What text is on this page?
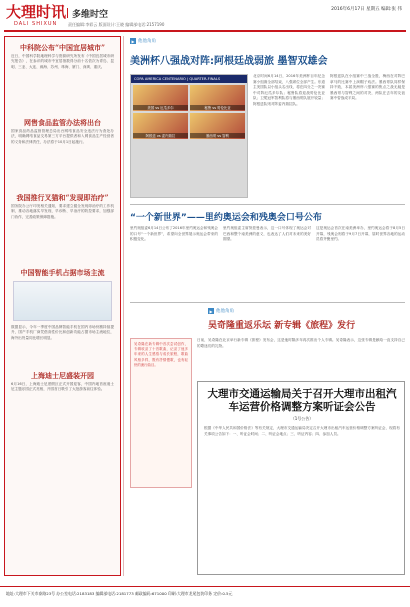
大理时讯
DALI SHIXUN
多维时空
责任编辑:李彩云 版面设计:王晓 编辑部电话:2157190
2016年6月17日 星期五 编辑:张 伟
中科院公布“中国宜居城市”
近日，中国科学院地理科学与资源研究所发布《中国宜居城市研究报告》，在参评的城市中宜居指数得分前十名依次为青岛、昆明、三亚、大连、威海、苏州、珠海、厦门、深圳、重庆。
网售食品监管办法将出台
国家食品药品监督管理总局出台网络食品安全违法行为查处办法，明确网络食品交易第三方平台提供者和入网食品生产经营者的义务和法律责任，办法将于10月1日起施行。
我国推行叉猫和“发现即治疗”
国务院办公厅印发相关通知，要求建立健全发现即治疗的工作机制，推动各地落实早发现、早诊断、早治疗的防控要求，加强部门协作，完善政策保障措施。
中国智能手机占据市场主流
数据显示，今年一季度中国品牌智能手机在国内市场份额持续提升，国产手机厂商凭借高性价比和创新功能占据市场主流地位，海外出货量同比增长明显。
上海迪士尼盛装开园
6月16日，上海迪士尼度假区正式开园迎客，中国内地首座迪士尼主题乐园正式亮相，开园首日吸引了大批游客前往体验。
▶ 他他角角
美洲杯八强战对阵:阿根廷战弱旅 墨智双雄会
COPA AMERICA CENTENARIO | QUARTER-FINALS
美国 vs 厄瓜多尔	秘鲁 vs 哥伦比亚
阿根廷 vs 委内瑞拉	墨西哥 vs 智利
北京时间6月14日，2016年美洲杯百年纪念赛小组赛全部结束，八强席位全部产生。东道主美国队以小组头名出线，将在四分之一决赛中对阵厄瓜多尔队；秘鲁队将迎战哥伦比亚队；卫冕冠军智利队将与墨西哥队展开较量；阿根廷队则对阵委内瑞拉队。
阿根廷队在小组赛中三战全胜，梅西在对阵巴拿马的比赛中上演帽子戏法。墨西哥队同样保持不败，本届美洲杯八强赛的焦点之战无疑是墨西哥与智利之间的对决，两队在去年的友谊赛中曾战成平局。
“一个新世界”——里约奥运会和残奥会口号公布
里约奥组委6月14日公布了2016年里约奥运会和残奥会的口号“一个新世界”，希望向全世界展示奥运会带来的积极变化。
里约奥组委主席努兹曼表示，这一口号体现了奥运会对巴西和整个南美洲的意义，也表达了人们对未来的美好期望。
这是奥运会首次在南美洲举办，里约奥运会将于8月5日开幕，残奥会则将于9月7日开幕，届时世界各地的运动员将齐聚里约。
▶ 他他角角
吴奇隆重返乐坛 新专辑《旅程》发行
吴奇隆在新专辑中首次尝试创作，专辑收录了十首歌曲，记录了他多年来的人生感悟与成长旅程，歌曲风格多样，既有抒情慢歌，也有轻快的流行曲目。
日前，吴奇隆在北京举行新专辑《旅程》发布会，这是他时隔多年再次推出个人专辑。吴奇隆表示，这张专辑是献给一直支持自己的歌迷们的礼物。
大理市交通运输局关于召开大理市出租汽车运营价格调整方案听证会公告
（1号公告）
根据《中华人民共和国价格法》等有关规定，大理市交通运输局决定召开大理市出租汽车运营价格调整方案听证会，现将有关事项公告如下：一、听证会时间；二、听证会地点；三、听证内容；四、参加人员。
地址:大理市下关市泰路23号 办公室电话:2183183 编辑部电话:2181773 邮政编码:671000 印刷:大理市龙尾包装印务 定价:0.5元
